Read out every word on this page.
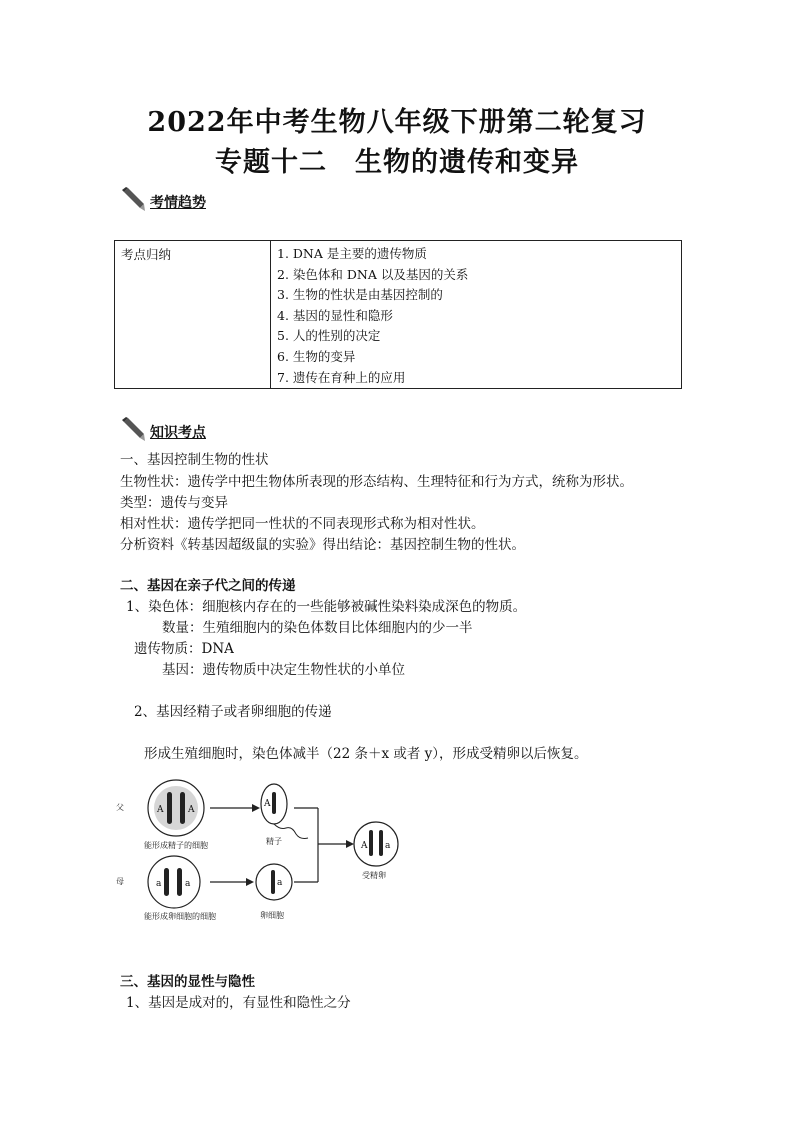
2022年中考生物八年级下册第二轮复习
专题十二　生物的遗传和变异
考情趋势
考点归纳	1. DNA 是主要的遗传物质
2. 染色体和 DNA 以及基因的关系
3. 生物的性状是由基因控制的
4. 基因的显性和隐形
5. 人的性别的决定
6. 生物的变异
7. 遗传在育种上的应用
知识考点
一、基因控制生物的性状
生物性状：遗传学中把生物体所表现的形态结构、生理特征和行为方式，统称为形状。
类型：遗传与变异
相对性状：遗传学把同一性状的不同表现形式称为相对性状。
分析资料《转基因超级鼠的实验》得出结论：基因控制生物的性状。
二、基因在亲子代之间的传递
1、染色体：细胞核内存在的一些能够被碱性染料染成深色的物质。
数量：生殖细胞内的染色体数目比体细胞内的少一半
遗传物质：DNA
基因：遗传物质中决定生物性状的小单位
2、基因经精子或者卵细胞的传递
形成生殖细胞时，染色体减半（22 条＋x 或者 y），形成受精卵以后恢复。
父	A	A
能形成精子的细胞
A
精子
母	a	a
能形成卵细胞的细胞
a
卵细胞
A a
受精卵
三、基因的显性与隐性
1、基因是成对的，有显性和隐性之分
